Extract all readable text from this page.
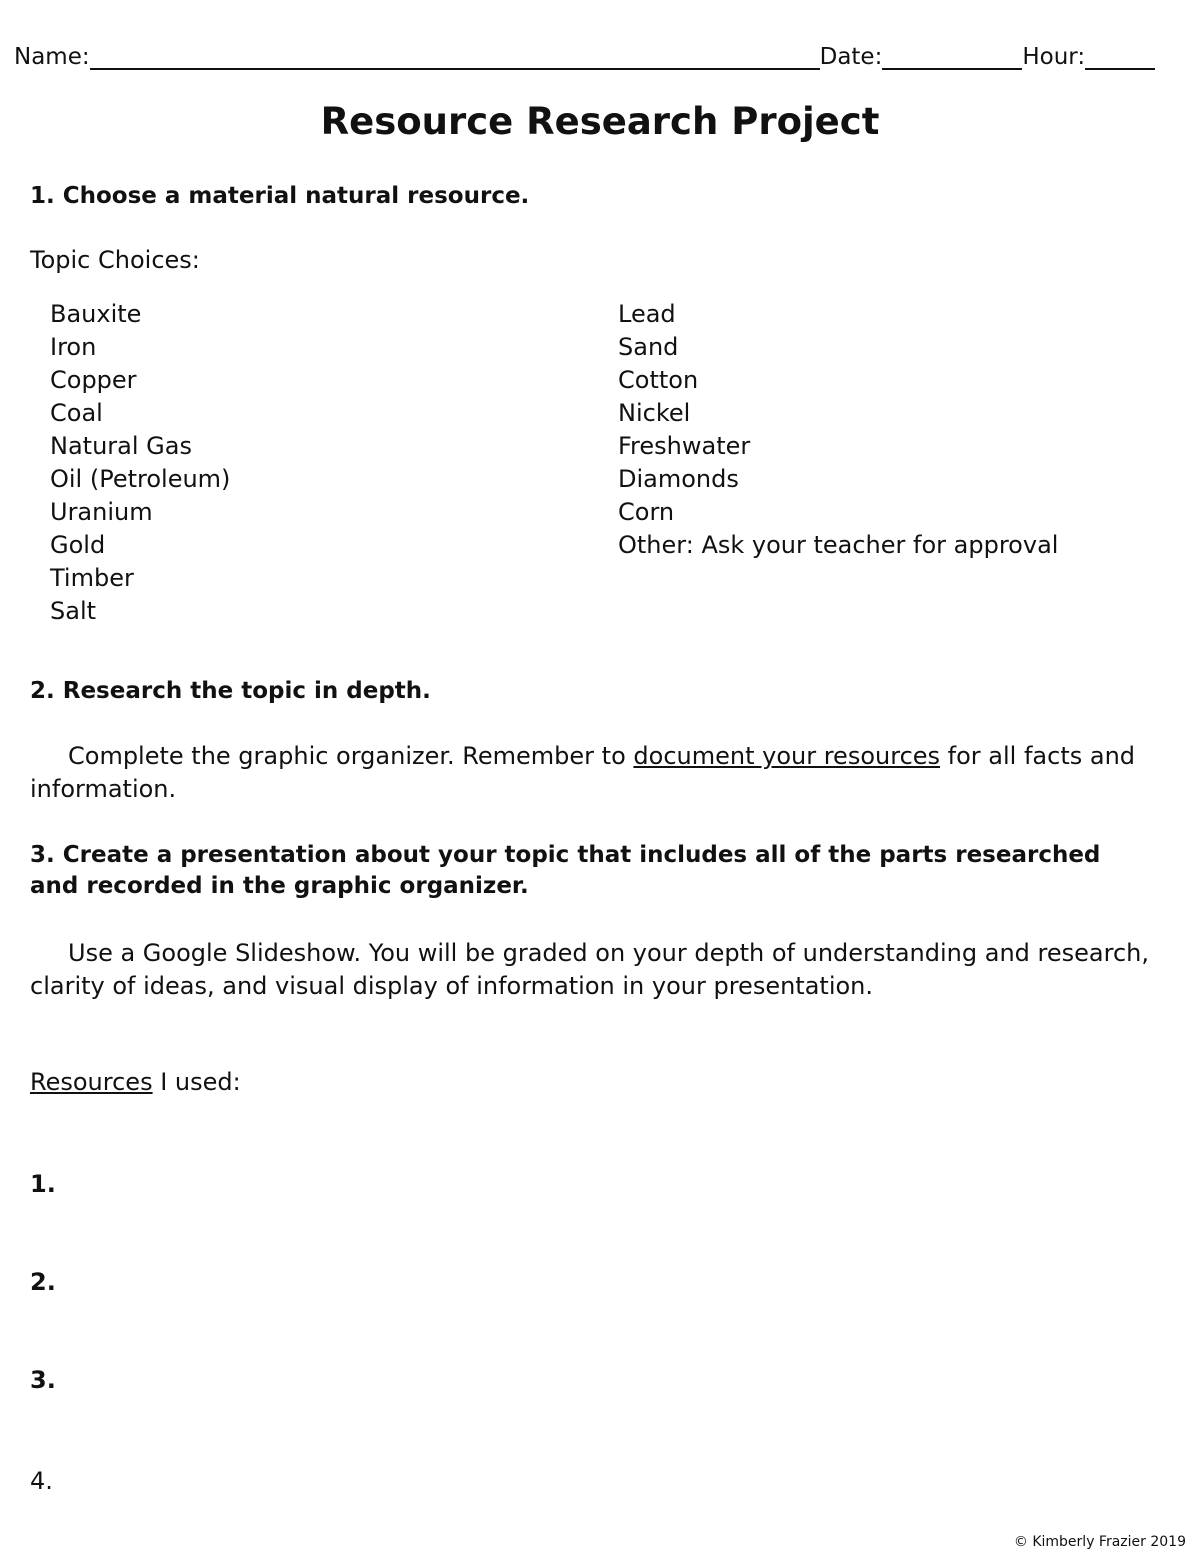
Name:	Date:	Hour:
Resource Research Project
1. Choose a material natural resource.
Topic Choices:
Bauxite
Iron
Copper
Coal
Natural Gas
Oil (Petroleum)
Uranium
Gold
Timber
Salt
Lead
Sand
Cotton
Nickel
Freshwater
Diamonds
Corn
Other: Ask your teacher for approval
2. Research the topic in depth.
Complete the graphic organizer. Remember to document your resources for all facts and information.
3. Create a presentation about your topic that includes all of the parts researched and recorded in the graphic organizer.
Use a Google Slideshow. You will be graded on your depth of understanding and research, clarity of ideas, and visual display of information in your presentation.
Resources I used:
1.
2.
3.
4.
© Kimberly Frazier 2019
